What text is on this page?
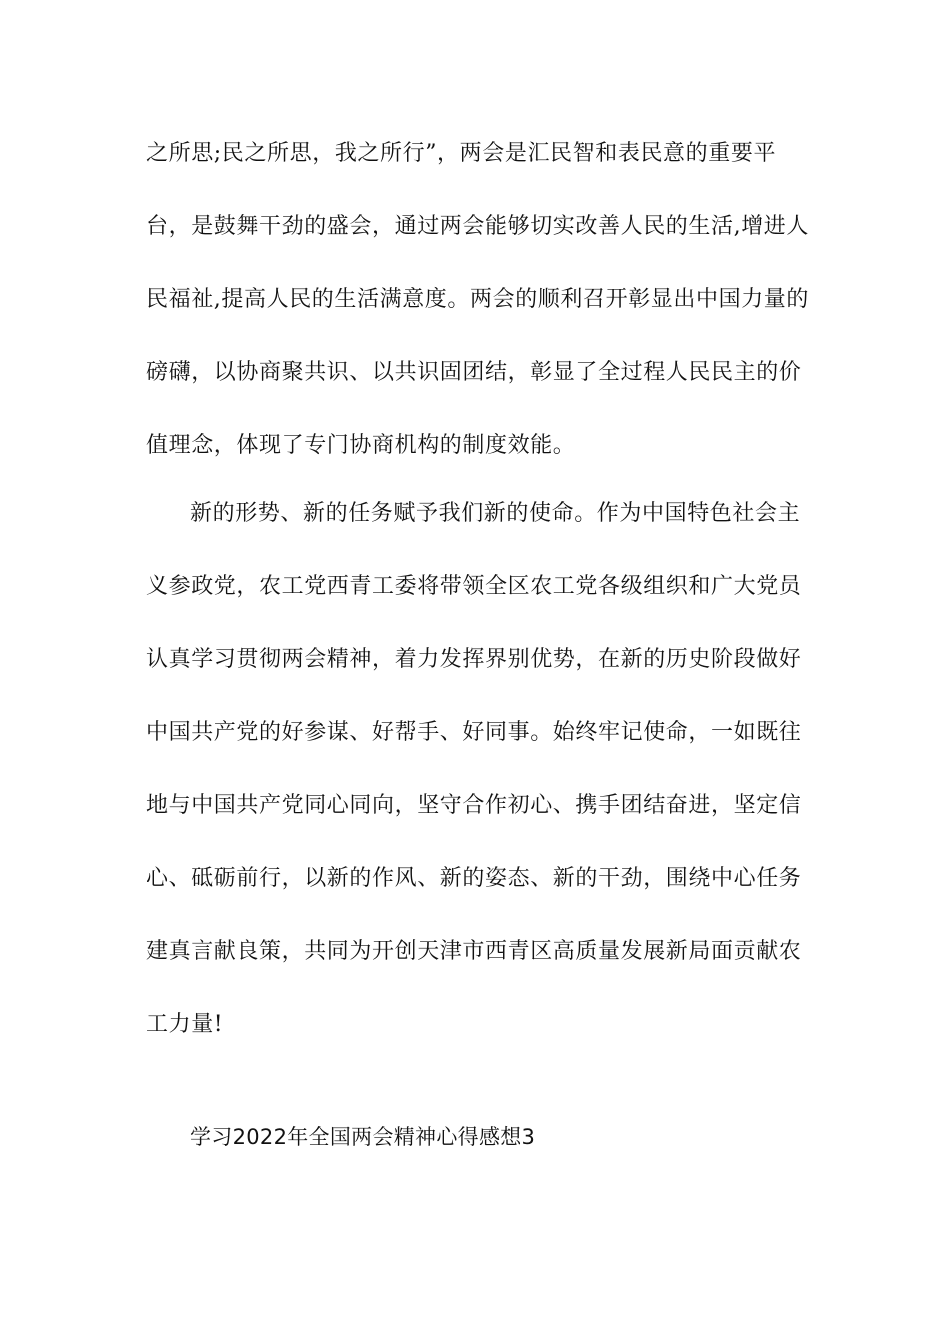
之所思;民之所思，我之所行”，两会是汇民智和表民意的重要平
台，是鼓舞干劲的盛会，通过两会能够切实改善人民的生活,增进人
民福祉,提高人民的生活满意度。两会的顺利召开彰显出中国力量的
磅礴，以协商聚共识、以共识固团结，彰显了全过程人民民主的价
值理念，体现了专门协商机构的制度效能。
新的形势、新的任务赋予我们新的使命。作为中国特色社会主
义参政党，农工党西青工委将带领全区农工党各级组织和广大党员
认真学习贯彻两会精神，着力发挥界别优势，在新的历史阶段做好
中国共产党的好参谋、好帮手、好同事。始终牢记使命，一如既往
地与中国共产党同心同向，坚守合作初心、携手团结奋进，坚定信
心、砥砺前行，以新的作风、新的姿态、新的干劲，围绕中心任务
建真言献良策，共同为开创天津市西青区高质量发展新局面贡献农
工力量!
学习2022年全国两会精神心得感想3
